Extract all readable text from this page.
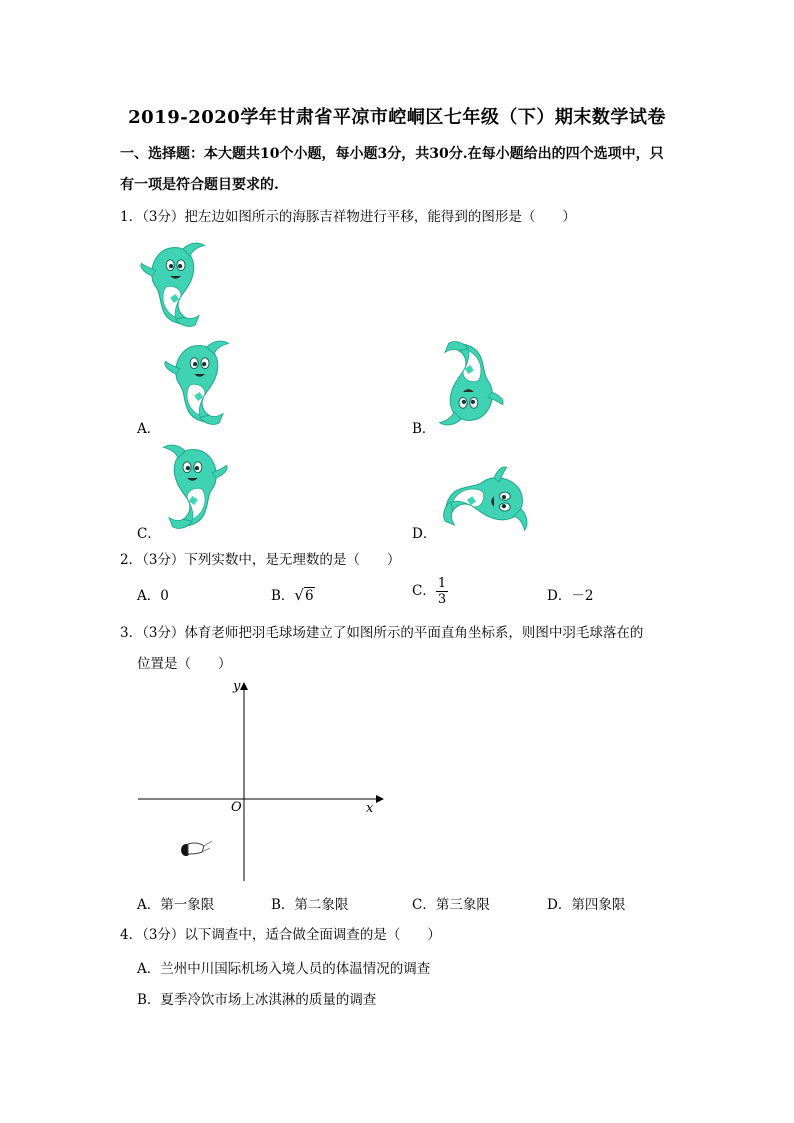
2019-2020学年甘肃省平凉市崆峒区七年级（下）期末数学试卷
一、选择题：本大题共10个小题，每小题3分，共30分.在每小题给出的四个选项中，只
有一项是符合题目要求的.
1．（3分）把左边如图所示的海豚吉祥物进行平移，能得到的图形是（　　）
A．	B．
C．	D．
2．（3分）下列实数中，是无理数的是（　　）
A．0	B．√6	C． $\frac{1}{3}$	D．－2
3．（3分）体育老师把羽毛球场建立了如图所示的平面直角坐标系，则图中羽毛球落在的
位置是（　　）
y
x
O
A．第一象限	B．第二象限	C．第三象限	D．第四象限
4．（3分）以下调查中，适合做全面调查的是（　　）
A．兰州中川国际机场入境人员的体温情况的调查
B．夏季冷饮市场上冰淇淋的质量的调查
